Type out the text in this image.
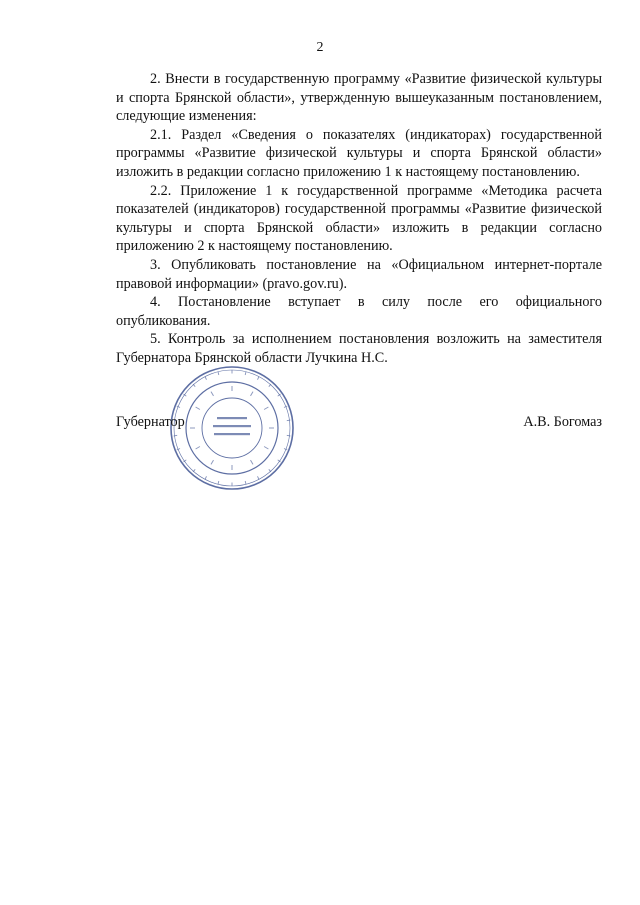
2

2. Внести в государственную программу «Развитие физической культуры и спорта Брянской области», утвержденную вышеуказанным постановлением, следующие изменения:

2.1. Раздел «Сведения о показателях (индикаторах) государственной программы «Развитие физической культуры и спорта Брянской области» изложить в редакции согласно приложению 1 к настоящему постановлению.

2.2. Приложение 1 к государственной программе «Методика расчета показателей (индикаторов) государственной программы «Развитие физической культуры и спорта Брянской области» изложить в редакции согласно приложению 2 к настоящему постановлению.

3. Опубликовать постановление на «Официальном интернет-портале правовой информации» (pravo.gov.ru).

4. Постановление вступает в силу после его официального опубликования.

5. Контроль за исполнением постановления возложить на заместителя Губернатора Брянской области Лучкина Н.С.

Губернатор	А.В. Богомаз
